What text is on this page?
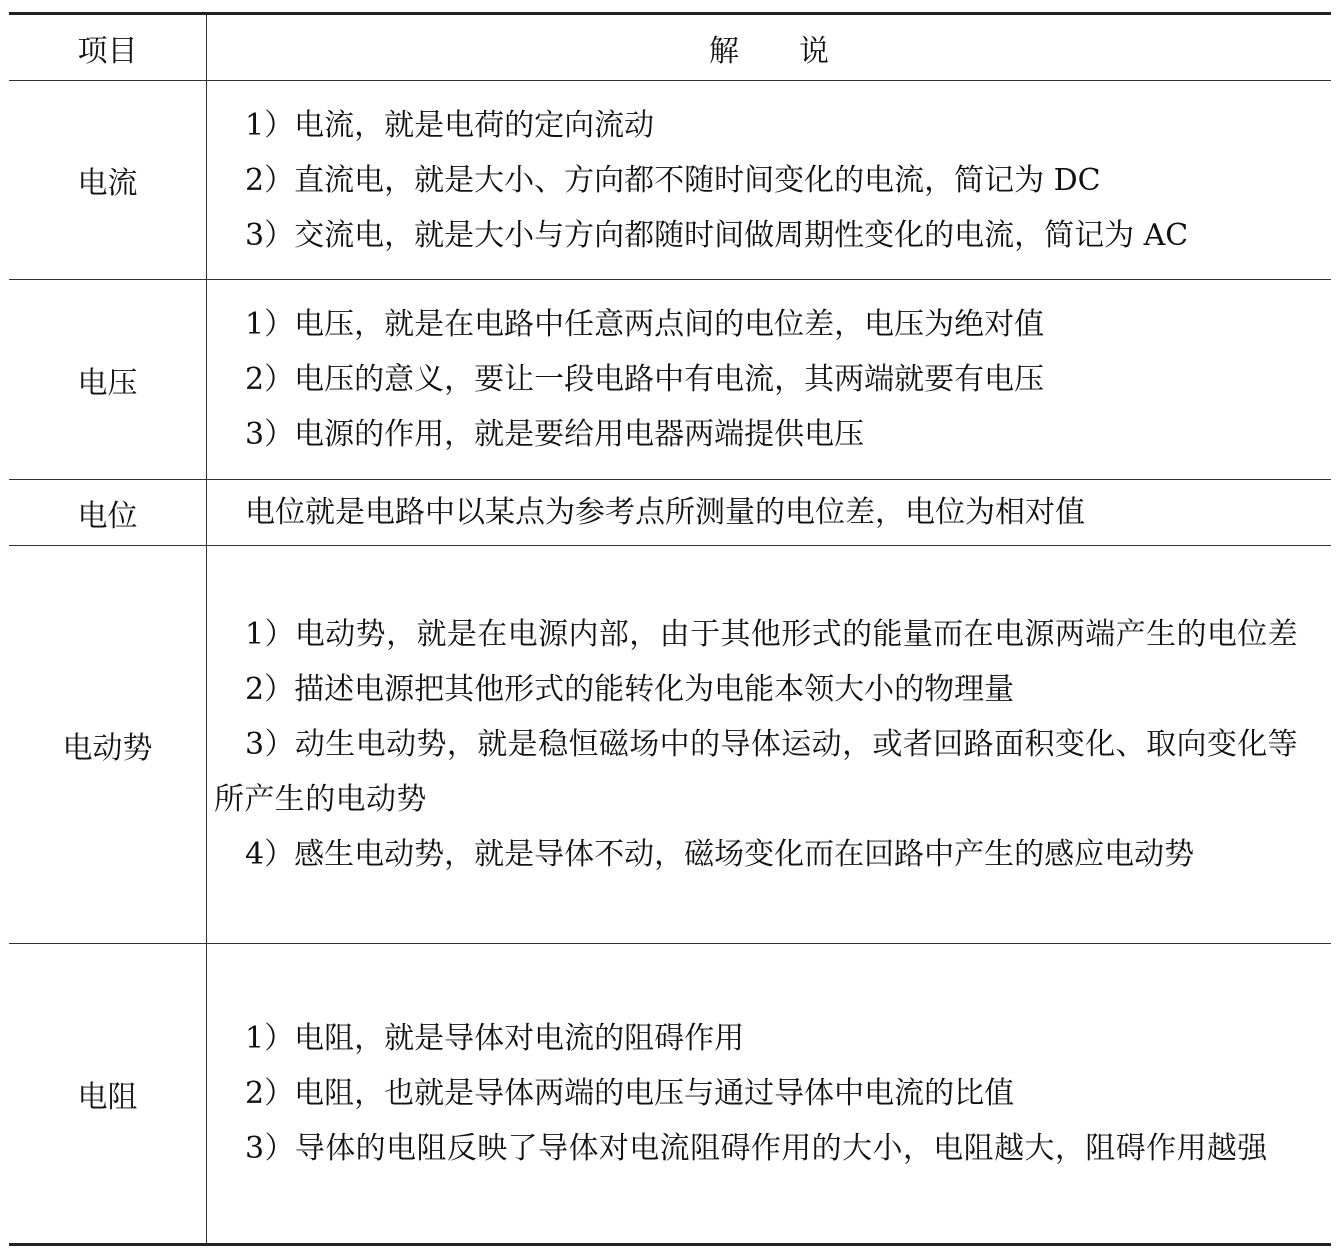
项目	解说
电流
1）电流，就是电荷的定向流动
2）直流电，就是大小、方向都不随时间变化的电流，简记为 DC
3）交流电，就是大小与方向都随时间做周期性变化的电流，简记为 AC
电压
1）电压，就是在电路中任意两点间的电位差，电压为绝对值
2）电压的意义，要让一段电路中有电流，其两端就要有电压
3）电源的作用，就是要给用电器两端提供电压
电位	电位就是电路中以某点为参考点所测量的电位差，电位为相对值
电动势
1）电动势，就是在电源内部，由于其他形式的能量而在电源两端产生的电位差
2）描述电源把其他形式的能转化为电能本领大小的物理量
3）动生电动势，就是稳恒磁场中的导体运动，或者回路面积变化、取向变化等所产生的电动势
4）感生电动势，就是导体不动，磁场变化而在回路中产生的感应电动势
电阻
1）电阻，就是导体对电流的阻碍作用
2）电阻，也就是导体两端的电压与通过导体中电流的比值
3）导体的电阻反映了导体对电流阻碍作用的大小，电阻越大，阻碍作用越强
